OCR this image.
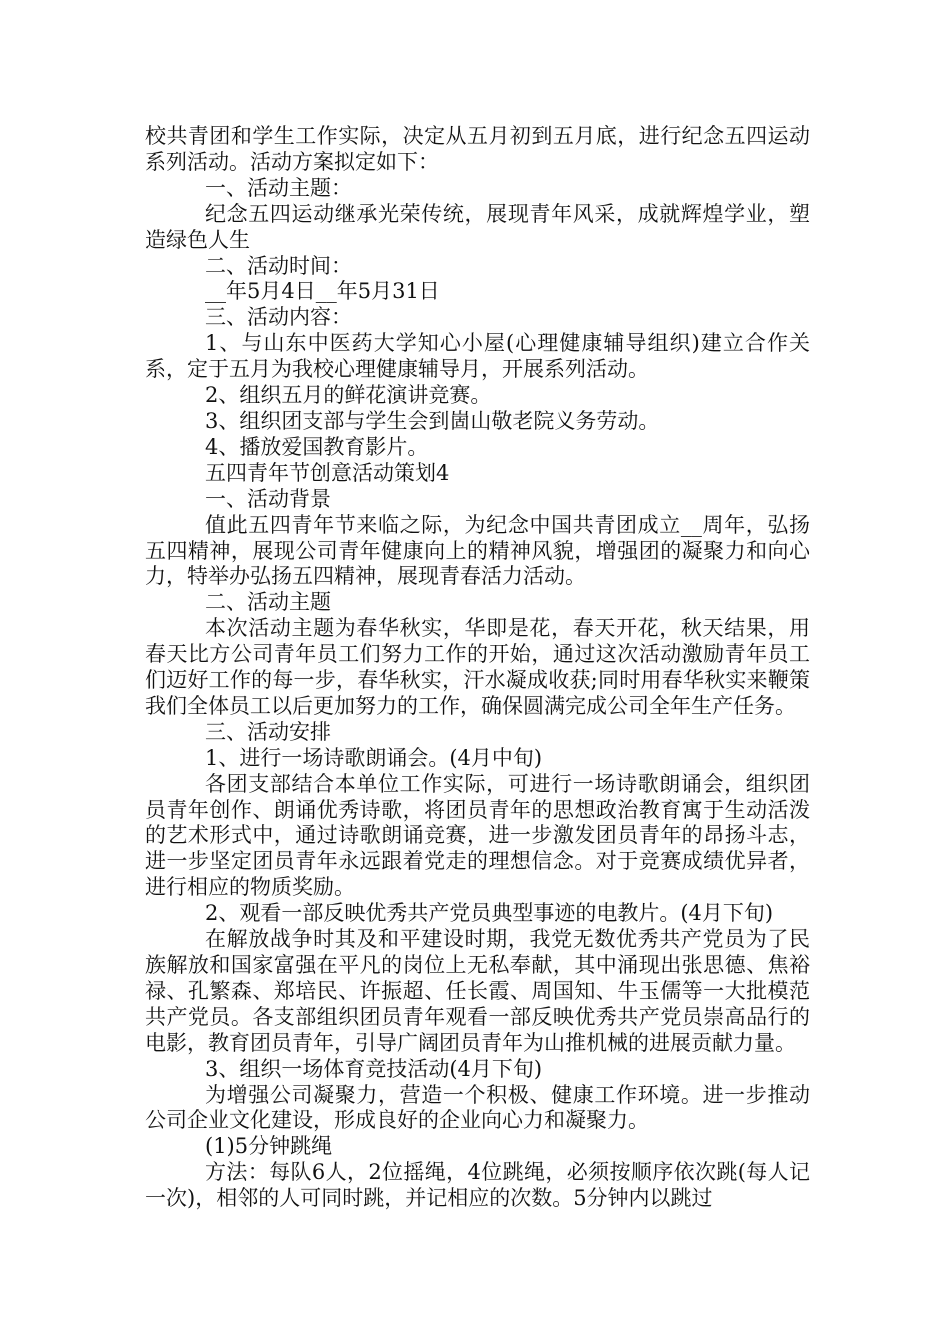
校共青团和学生工作实际，决定从五月初到五月底，进行纪念五四运动系列活动。活动方案拟定如下：

一、活动主题：

纪念五四运动继承光荣传统，展现青年风采，成就辉煌学业，塑造绿色人生

二、活动时间：

__年5月4日__年5月31日

三、活动内容：

1、与山东中医药大学知心小屋(心理健康辅导组织)建立合作关系，定于五月为我校心理健康辅导月，开展系列活动。

2、组织五月的鲜花演讲竞赛。

3、组织团支部与学生会到崮山敬老院义务劳动。

4、播放爱国教育影片。

五四青年节创意活动策划4

一、活动背景

值此五四青年节来临之际，为纪念中国共青团成立__周年，弘扬五四精神，展现公司青年健康向上的精神风貌，增强团的凝聚力和向心力，特举办弘扬五四精神，展现青春活力活动。

二、活动主题

本次活动主题为春华秋实，华即是花，春天开花，秋天结果，用春天比方公司青年员工们努力工作的开始，通过这次活动激励青年员工们迈好工作的每一步，春华秋实，汗水凝成收获;同时用春华秋实来鞭策我们全体员工以后更加努力的工作，确保圆满完成公司全年生产任务。

三、活动安排

1、进行一场诗歌朗诵会。(4月中旬)

各团支部结合本单位工作实际，可进行一场诗歌朗诵会，组织团员青年创作、朗诵优秀诗歌，将团员青年的思想政治教育寓于生动活泼的艺术形式中，通过诗歌朗诵竞赛，进一步激发团员青年的昂扬斗志，进一步坚定团员青年永远跟着党走的理想信念。对于竞赛成绩优异者，进行相应的物质奖励。

2、观看一部反映优秀共产党员典型事迹的电教片。(4月下旬)

在解放战争时其及和平建设时期，我党无数优秀共产党员为了民族解放和国家富强在平凡的岗位上无私奉献，其中涌现出张思德、焦裕禄、孔繁森、郑培民、许振超、任长霞、周国知、牛玉儒等一大批模范共产党员。各支部组织团员青年观看一部反映优秀共产党员崇高品行的电影，教育团员青年，引导广阔团员青年为山推机械的进展贡献力量。

3、组织一场体育竞技活动(4月下旬)

为增强公司凝聚力，营造一个积极、健康工作环境。进一步推动公司企业文化建设，形成良好的企业向心力和凝聚力。

(1)5分钟跳绳

方法：每队6人，2位摇绳，4位跳绳，必须按顺序依次跳(每人记一次)，相邻的人可同时跳，并记相应的次数。5分钟内以跳过
